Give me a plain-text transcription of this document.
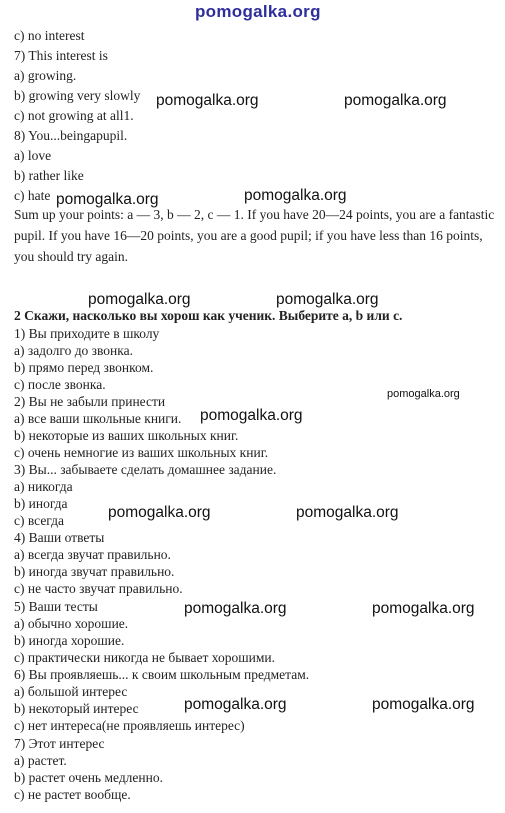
c) no interest
7) This interest is
a) growing.
b) growing very slowly
c) not growing at all1.
8) You...beingapupil.
a) love
b) rather like
c) hate
Sum up your points: a — 3, b — 2, c — 1. If you have 20—24 points, you are a fantastic pupil. If you have 16—20 points, you are a good pupil; if you have less than 16 points, you should try again.
2 Скажи, насколько вы хорош как ученик. Выберите a, b или c.
1) Вы приходите в школу
a) задолго до звонка.
b) прямо перед звонком.
c) после звонка.
2) Вы не забыли принести
a) все ваши школьные книги.
b) некоторые из ваших школьных книг.
c) очень немногие из ваших школьных книг.
3) Вы... забываете сделать домашнее задание.
a) никогда
b) иногда
c) всегда
4) Ваши ответы
a) всегда звучат правильно.
b) иногда звучат правильно.
c) не часто звучат правильно.
5) Ваши тесты
a) обычно хорошие.
b) иногда хорошие.
c) практически никогда не бывает хорошими.
6) Вы проявляешь... к своим школьным предметам.
a) большой интерес
b) некоторый интерес
c) нет интереса(не проявляешь интерес)
7) Этот интерес
a) растет.
b) растет очень медленно.
c) не растет вообще.
pomogalka.org
pomogalka.org	pomogalka.org
pomogalka.org	pomogalka.org
pomogalka.org	pomogalka.org
pomogalka.org
pomogalka.org
pomogalka.org	pomogalka.org
pomogalka.org	pomogalka.org
pomogalka.org	pomogalka.org
